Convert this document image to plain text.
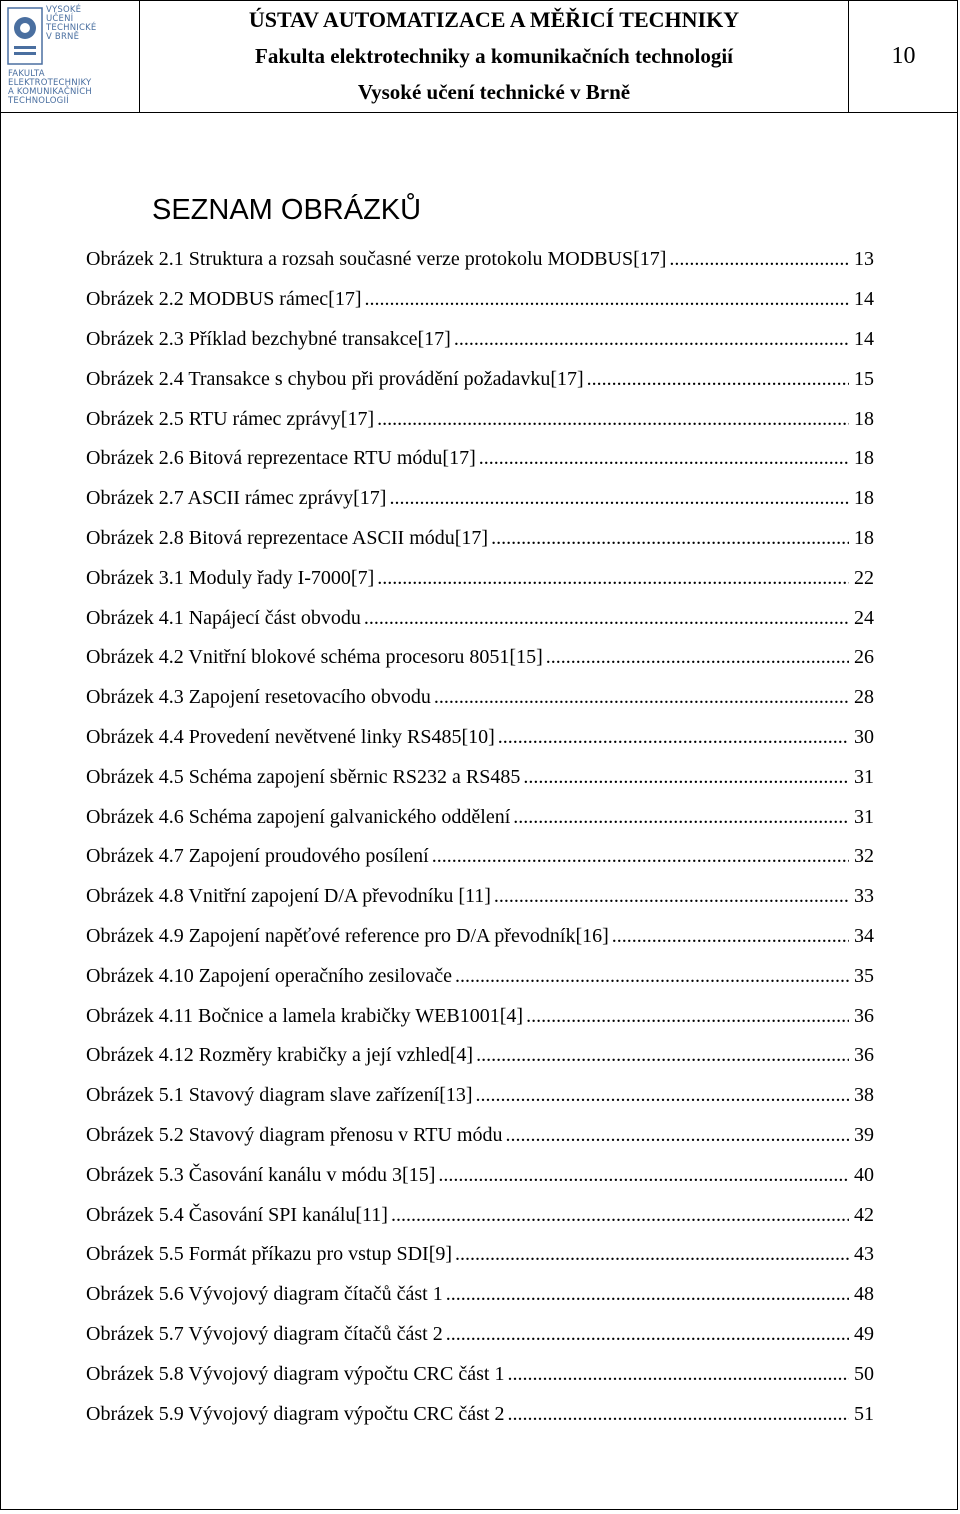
VYSOKÉ
UČENÍ
TECHNICKÉ
V BRNĚ
FAKULTA
ELEKTROTECHNIKY
A KOMUNIKAČNÍCH
TECHNOLOGIÍ
ÚSTAV AUTOMATIZACE A MĚŘICÍ TECHNIKY
Fakulta elektrotechniky a komunikačních technologií
Vysoké učení technické v Brně
10
SEZNAM OBRÁZKŮ
Obrázek 2.1 Struktura a rozsah současné verze protokolu MODBUS[17] .....	13
Obrázek 2.2 MODBUS rámec[17] .....	14
Obrázek 2.3 Příklad bezchybné transakce[17] .....	14
Obrázek 2.4 Transakce s chybou při provádění požadavku[17] .....	15
Obrázek 2.5 RTU rámec zprávy[17] .....	18
Obrázek 2.6 Bitová reprezentace RTU módu[17] .....	18
Obrázek 2.7 ASCII rámec zprávy[17] .....	18
Obrázek 2.8 Bitová reprezentace ASCII módu[17] .....	18
Obrázek 3.1 Moduly řady I-7000[7] .....	22
Obrázek 4.1 Napájecí část obvodu .....	24
Obrázek 4.2 Vnitřní blokové schéma procesoru 8051[15] .....	26
Obrázek 4.3 Zapojení resetovacího obvodu .....	28
Obrázek 4.4 Provedení nevětvené linky RS485[10] .....	30
Obrázek 4.5 Schéma zapojení sběrnic RS232 a RS485 .....	31
Obrázek 4.6 Schéma zapojení galvanického oddělení .....	31
Obrázek 4.7 Zapojení proudového posílení .....	32
Obrázek 4.8 Vnitřní zapojení D/A převodníku [11] .....	33
Obrázek 4.9 Zapojení napěťové reference pro D/A převodník[16] .....	34
Obrázek 4.10 Zapojení operačního zesilovače .....	35
Obrázek 4.11 Bočnice a lamela krabičky WEB1001[4] .....	36
Obrázek 4.12 Rozměry krabičky a její vzhled[4] .....	36
Obrázek 5.1 Stavový diagram slave zařízení[13] .....	38
Obrázek 5.2 Stavový diagram přenosu v RTU módu .....	39
Obrázek 5.3 Časování kanálu v módu 3[15] .....	40
Obrázek 5.4 Časování SPI kanálu[11] .....	42
Obrázek 5.5 Formát příkazu pro vstup SDI[9] .....	43
Obrázek 5.6 Vývojový diagram čítačů část 1 .....	48
Obrázek 5.7 Vývojový diagram čítačů část 2 .....	49
Obrázek 5.8 Vývojový diagram výpočtu CRC část 1 .....	50
Obrázek 5.9 Vývojový diagram výpočtu CRC část 2 .....	51
